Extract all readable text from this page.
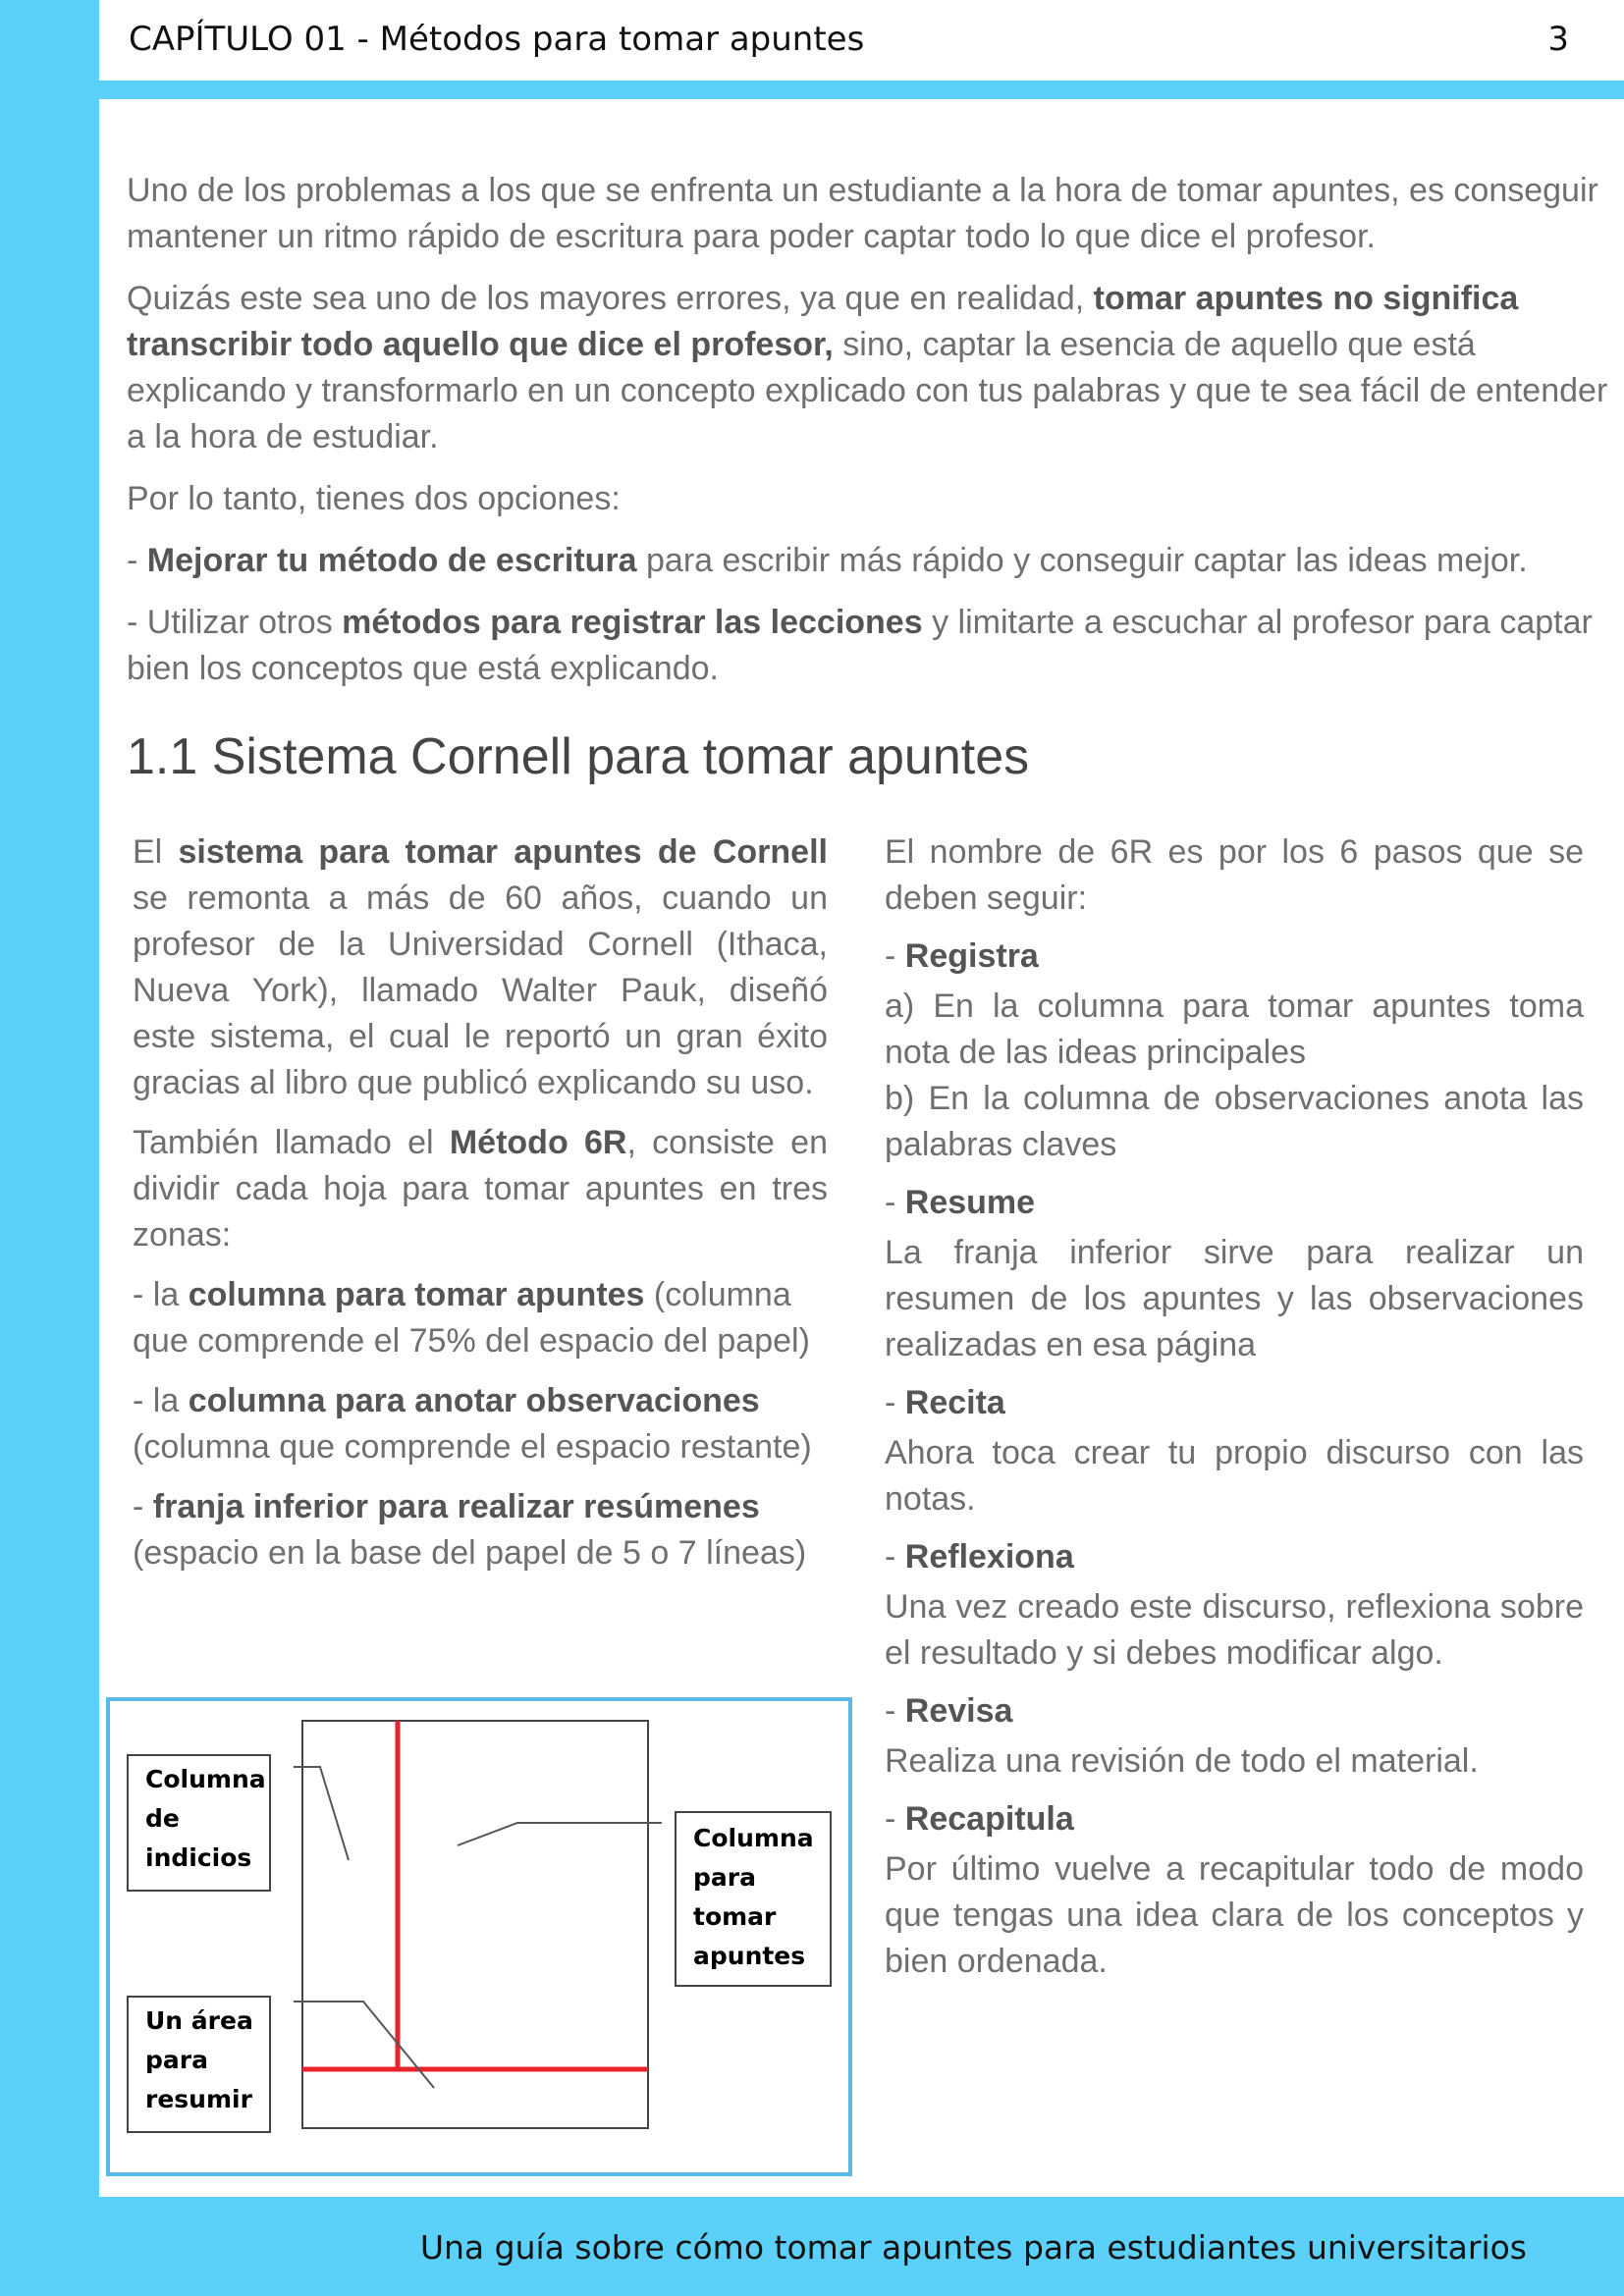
CAPÍTULO 01 - Métodos para tomar apuntes	3

Uno de los problemas a los que se enfrenta un estudiante a la hora de tomar apuntes, es conseguir mantener un ritmo rápido de escritura para poder captar todo lo que dice el profesor.

Quizás este sea uno de los mayores errores, ya que en realidad, tomar apuntes no significa transcribir todo aquello que dice el profesor, sino, captar la esencia de aquello que está explicando y transformarlo en un concepto explicado con tus palabras y que te sea fácil de entender a la hora de estudiar.

Por lo tanto, tienes dos opciones:

- Mejorar tu método de escritura para escribir más rápido y conseguir captar las ideas mejor.

- Utilizar otros métodos para registrar las lecciones y limitarte a escuchar al profesor para captar bien los conceptos que está explicando.

1.1 Sistema Cornell para tomar apuntes

El sistema para tomar apuntes de Cornell se remonta a más de 60 años, cuando un profesor de la Universidad Cornell (Ithaca, Nueva York), llamado Walter Pauk, diseñó este sistema, el cual le reportó un gran éxito gracias al libro que publicó explicando su uso.

También llamado el Método 6R, consiste en dividir cada hoja para tomar apuntes en tres zonas:

- la columna para tomar apuntes (columna que comprende el 75% del espacio del papel)

- la columna para anotar observaciones (columna que comprende el espacio restante)

- franja inferior para realizar resúmenes (espacio en la base del papel de 5 o 7 líneas)

El nombre de 6R es por los 6 pasos que se deben seguir:

- Registra

a) En la columna para tomar apuntes toma nota de las ideas principales
b) En la columna de observaciones anota las palabras claves

- Resume

La franja inferior sirve para realizar un resumen de los apuntes y las observaciones realizadas en esa página

- Recita

Ahora toca crear tu propio discurso con las notas.

- Reflexiona

Una vez creado este discurso, reflexiona sobre el resultado y si debes modificar algo.

- Revisa

Realiza una revisión de todo el material.

- Recapitula

Por último vuelve a recapitular todo de modo que tengas una idea clara de los conceptos y bien ordenada.

Columna
de
indicios
Un área
para
resumir
Columna
para
tomar
apuntes
Una guía sobre cómo tomar apuntes para estudiantes universitarios
